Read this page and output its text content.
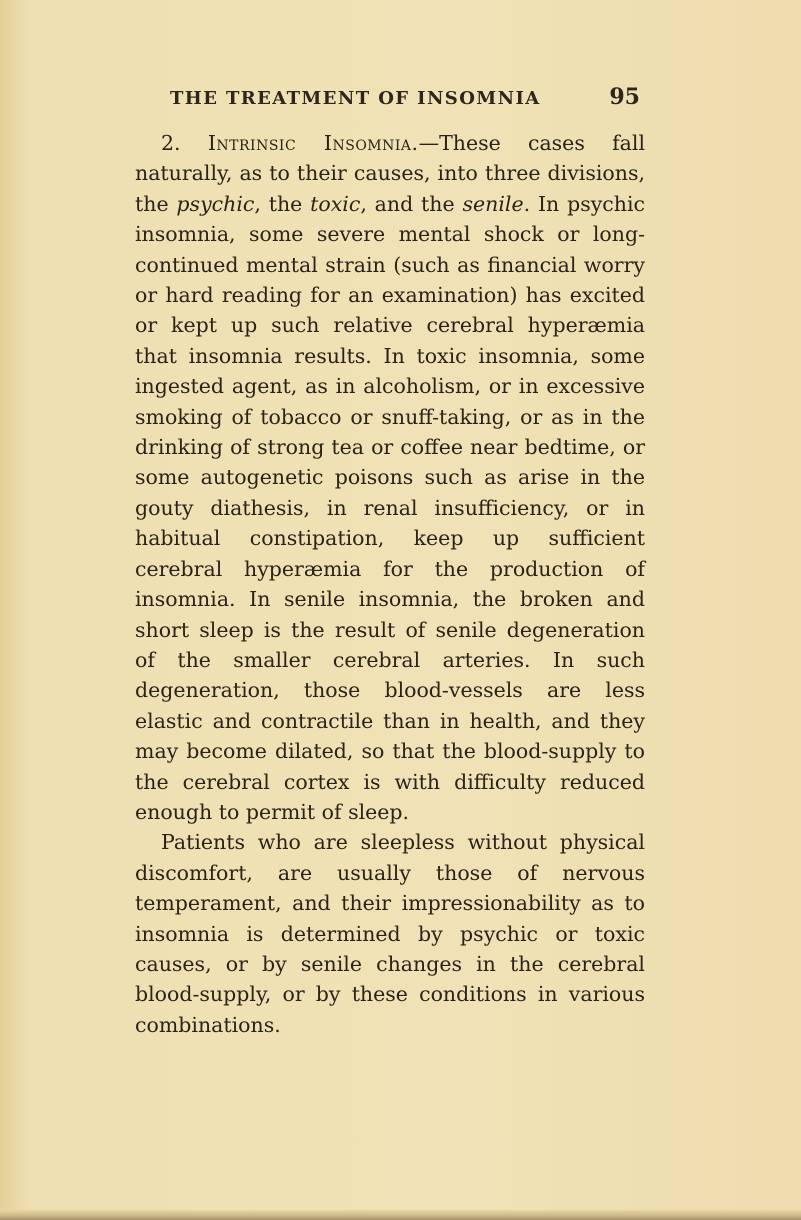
THE TREATMENT OF INSOMNIA	95

2. Intrinsic Insomnia.—These cases fall naturally, as to their causes, into three divisions, the psychic, the toxic, and the senile. In psychic insomnia, some severe mental shock or long-continued mental strain (such as financial worry or hard reading for an examination) has excited or kept up such relative cerebral hyperæmia that insomnia results. In toxic insomnia, some ingested agent, as in alcoholism, or in excessive smoking of tobacco or snuff-taking, or as in the drinking of strong tea or coffee near bedtime, or some autogenetic poisons such as arise in the gouty diathesis, in renal insufficiency, or in habitual constipation, keep up sufficient cerebral hyperæmia for the production of insomnia. In senile insomnia, the broken and short sleep is the result of senile degeneration of the smaller cerebral arteries. In such degeneration, those blood-vessels are less elastic and contractile than in health, and they may become dilated, so that the blood-supply to the cerebral cortex is with difficulty reduced enough to permit of sleep.

Patients who are sleepless without physical discomfort, are usually those of nervous temperament, and their impressionability as to insomnia is determined by psychic or toxic causes, or by senile changes in the cerebral blood-supply, or by these conditions in various combinations.
